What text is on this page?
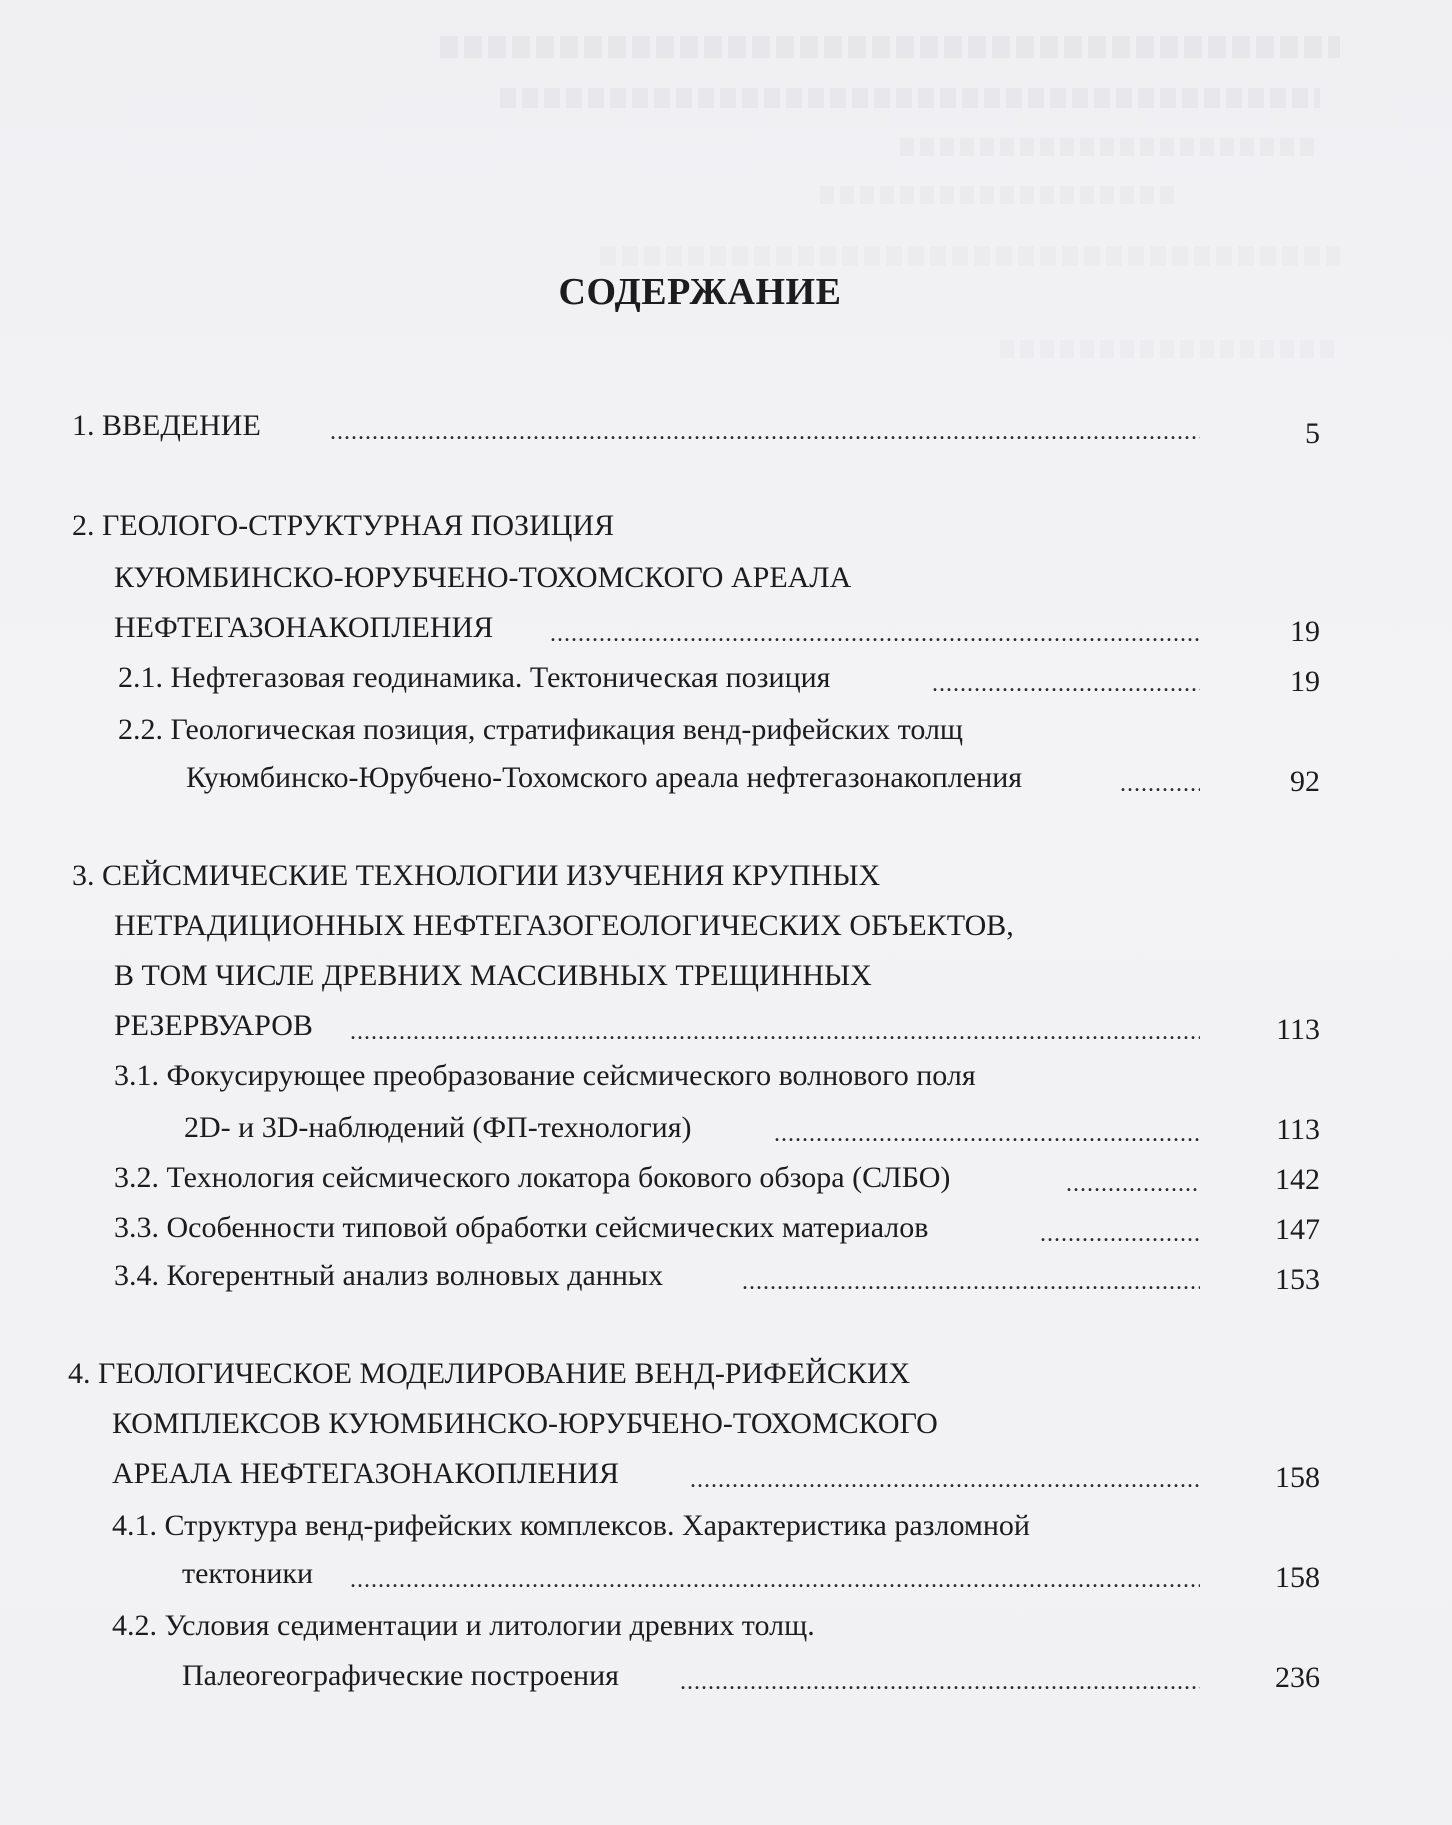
СОДЕРЖАНИЕ
1. ВВЕДЕНИЕ .....	5
2. ГЕОЛОГО-СТРУКТУРНАЯ ПОЗИЦИЯ
КУЮМБИНСКО-ЮРУБЧЕНО-ТОХОМСКОГО АРЕАЛА
НЕФТЕГАЗОНАКОПЛЕНИЯ .....	19
2.1. Нефтегазовая геодинамика. Тектоническая позиция .....	19
2.2. Геологическая позиция, стратификация венд-рифейских толщ
Куюмбинско-Юрубчено-Тохомского ареала нефтегазонакопления .....	92
3. СЕЙСМИЧЕСКИЕ ТЕХНОЛОГИИ ИЗУЧЕНИЯ КРУПНЫХ
НЕТРАДИЦИОННЫХ НЕФТЕГАЗОГЕОЛОГИЧЕСКИХ ОБЪЕКТОВ,
В ТОМ ЧИСЛЕ ДРЕВНИХ МАССИВНЫХ ТРЕЩИННЫХ
РЕЗЕРВУАРОВ .....	113
3.1. Фокусирующее преобразование сейсмического волнового поля
2D- и 3D-наблюдений (ФП-технология) .....	113
3.2. Технология сейсмического локатора бокового обзора (СЛБО) .....	142
3.3. Особенности типовой обработки сейсмических материалов .....	147
3.4. Когерентный анализ волновых данных .....	153
4. ГЕОЛОГИЧЕСКОЕ МОДЕЛИРОВАНИЕ ВЕНД-РИФЕЙСКИХ
КОМПЛЕКСОВ КУЮМБИНСКО-ЮРУБЧЕНО-ТОХОМСКОГО
АРЕАЛА НЕФТЕГАЗОНАКОПЛЕНИЯ .....	158
4.1. Структура венд-рифейских комплексов. Характеристика разломной
тектоники .....	158
4.2. Условия седиментации и литологии древних толщ.
Палеогеографические построения .....	236
